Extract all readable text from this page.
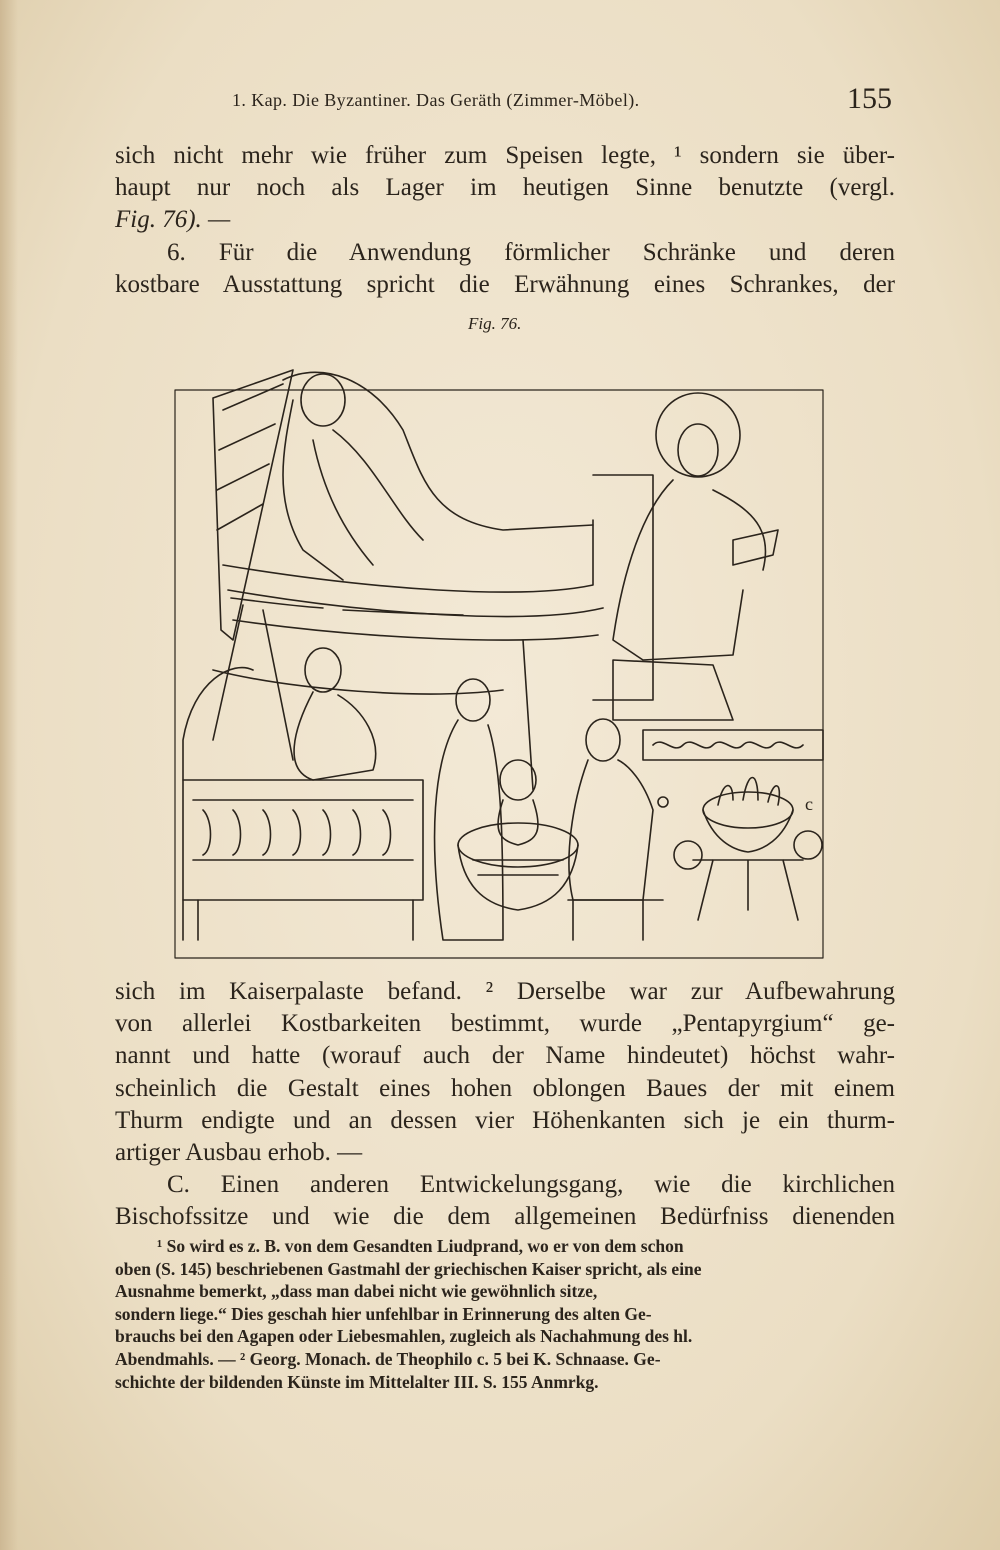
1. Kap. Die Byzantiner. Das Geräth (Zimmer-Möbel).	155
sich nicht mehr wie früher zum Speisen legte, ¹ sondern sie über-
haupt nur noch als Lager im heutigen Sinne benutzte (vergl.
Fig. 76). —
6. Für die Anwendung förmlicher Schränke und deren
kostbare Ausstattung spricht die Erwähnung eines Schrankes, der
Fig. 76.
c
sich im Kaiserpalaste befand. ² Derselbe war zur Aufbewahrung
von allerlei Kostbarkeiten bestimmt, wurde „Pentapyrgium“ ge-
nannt und hatte (worauf auch der Name hindeutet) höchst wahr-
scheinlich die Gestalt eines hohen oblongen Baues der mit einem
Thurm endigte und an dessen vier Höhenkanten sich je ein thurm-
artiger Ausbau erhob. —
C. Einen anderen Entwickelungsgang, wie die kirchlichen
Bischofssitze und wie die dem allgemeinen Bedürfniss dienenden
¹ So wird es z. B. von dem Gesandten Liudprand, wo er von dem schon
oben (S. 145) beschriebenen Gastmahl der griechischen Kaiser spricht, als eine
Ausnahme bemerkt, „dass man dabei nicht wie gewöhnlich sitze,
sondern liege.“ Dies geschah hier unfehlbar in Erinnerung des alten Ge-
brauchs bei den Agapen oder Liebesmahlen, zugleich als Nachahmung des hl.
Abendmahls. — ² Georg. Monach. de Theophilo c. 5 bei K. Schnaase. Ge-
schichte der bildenden Künste im Mittelalter III. S. 155 Anmrkg.
